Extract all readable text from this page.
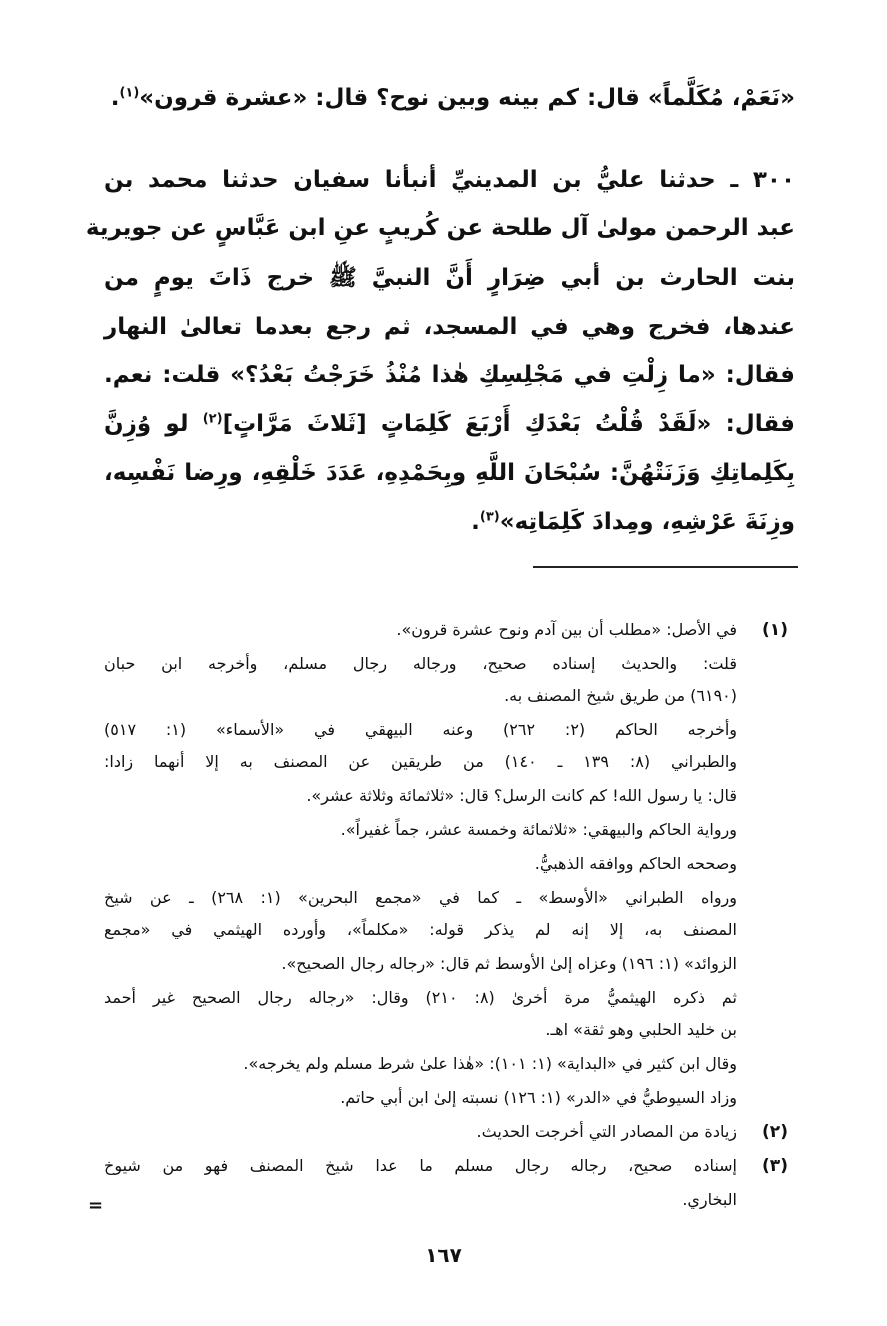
«نَعَمْ، مُكَلَّماً» قال: كم بينه وبين نوح؟ قال: «عشرة قرون»$^{(١)}$.
٣٠٠ ـ حدثنا عليُّ بن المدينيِّ أنبأنا سفيان حدثنا محمد بن
عبد الرحمن مولىٰ آل طلحة عن كُريبٍ عنِ ابن عَبَّاسٍ عن جويرية
بنت الحارث بن أبي ضِرَارٍ أَنَّ النبيَّ ﷺ خرج ذَاتَ يومٍ من
عندها، فخرج وهي في المسجد، ثم رجع بعدما تعالىٰ النهار
فقال: «ما زِلْتِ في مَجْلِسِكِ هٰذا مُنْذُ خَرَجْتُ بَعْدُ؟» قلت: نعم.
فقال: «لَقَدْ قُلْتُ بَعْدَكِ أَرْبَعَ كَلِمَاتٍ [ثَلاثَ مَرَّاتٍ]$^{(٢)}$ لو وُزِنَّ
بِكَلِماتِكِ وَزَنَتْهُنَّ: سُبْحَانَ اللَّهِ وبِحَمْدِهِ، عَدَدَ خَلْقِهِ، ورِضا نَفْسِه،
وزِنَةَ عَرْشِهِ، ومِدادَ كَلِمَاتِه»$^{(٣)}$.
(١)
في الأصل: «مطلب أن بين آدم ونوح عشرة قرون».
قلت: والحديث إسناده صحيح، ورجاله رجال مسلم، وأخرجه ابن حبان
(٦١٩٠) من طريق شيخ المصنف به.
وأخرجه الحاكم (٢: ٢٦٢) وعنه البيهقي في «الأسماء» (١: ٥١٧)
والطبراني (٨: ١٣٩ ـ ١٤٠) من طريقين عن المصنف به إلا أنهما زادا:
قال: يا رسول الله! كم كانت الرسل؟ قال: «ثلاثمائة وثلاثة عشر».
ورواية الحاكم والبيهقي: «ثلاثمائة وخمسة عشر، جماً غفيراً».
وصححه الحاكم ووافقه الذهبيُّ.
ورواه الطبراني «الأوسط» ـ كما في «مجمع البحرين» (١: ٢٦٨) ـ عن شيخ
المصنف به، إلا إنه لم يذكر قوله: «مكلماً»، وأورده الهيثمي في «مجمع
الزوائد» (١: ١٩٦) وعزاه إلىٰ الأوسط ثم قال: «رجاله رجال الصحيح».
ثم ذكره الهيثميُّ مرة أخرىٰ (٨: ٢١٠) وقال: «رجاله رجال الصحيح غير أحمد
بن خليد الحلبي وهو ثقة» اهـ.
وقال ابن كثير في «البداية» (١: ١٠١): «هٰذا علىٰ شرط مسلم ولم يخرجه».
وزاد السيوطيُّ في «الدر» (١: ١٢٦) نسبته إلىٰ ابن أبي حاتم.
(٢)
زيادة من المصادر التي أخرجت الحديث.
(٣)
إسناده صحيح، رجاله رجال مسلم ما عدا شيخ المصنف فهو من شيوخ
البخاري.
=
١٦٧
